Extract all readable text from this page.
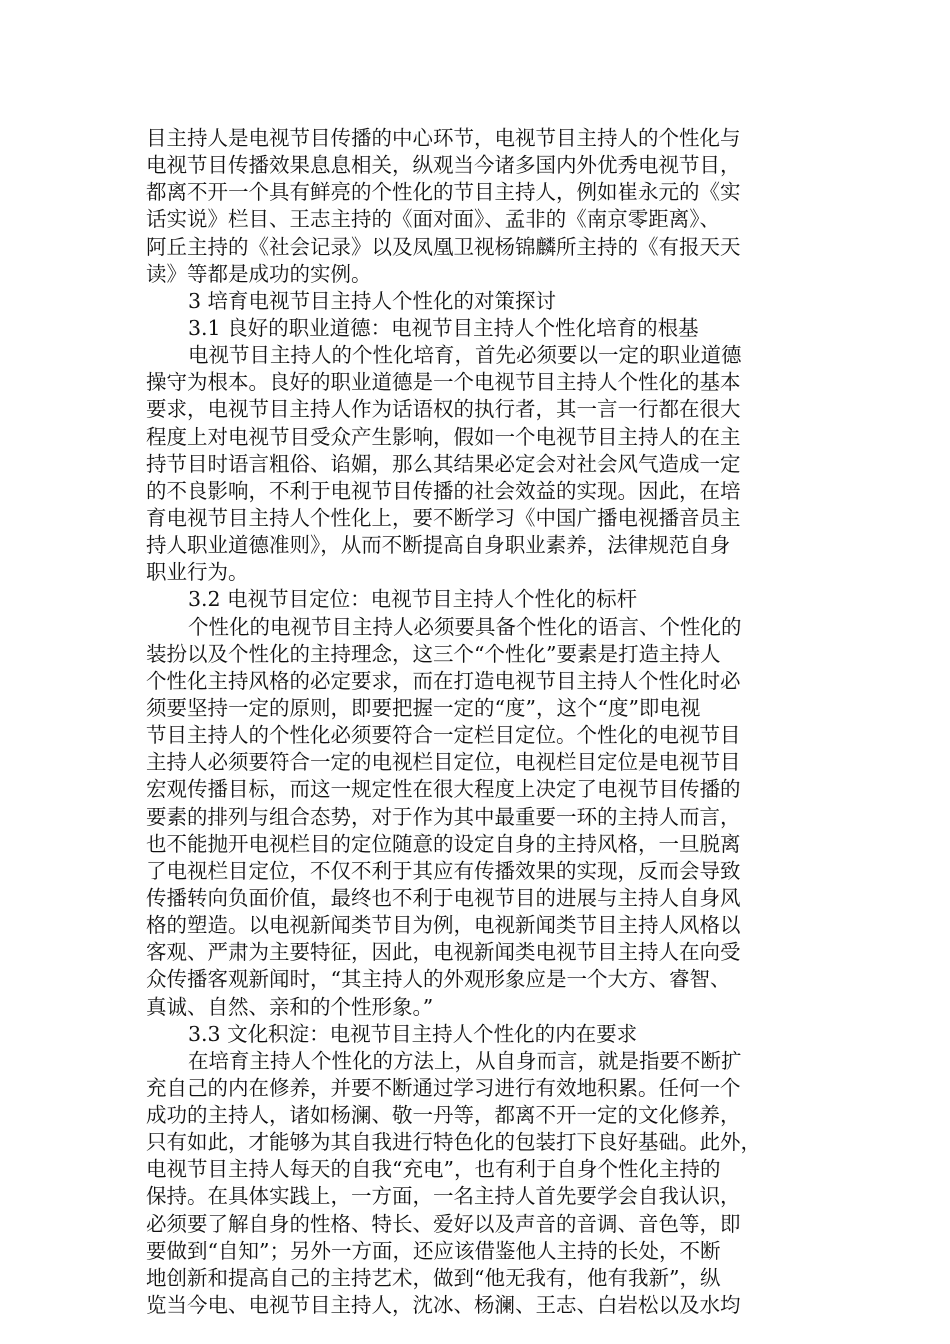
目主持人是电视节目传播的中心环节，电视节目主持人的个性化与
电视节目传播效果息息相关，纵观当今诸多国内外优秀电视节目，
都离不开一个具有鲜亮的个性化的节目主持人，例如崔永元的《实
话实说》栏目、王志主持的《面对面》、孟非的《南京零距离》、
阿丘主持的《社会记录》以及凤凰卫视杨锦麟所主持的《有报天天
读》等都是成功的实例。
3 培育电视节目主持人个性化的对策探讨
3.1 良好的职业道德：电视节目主持人个性化培育的根基
电视节目主持人的个性化培育，首先必须要以一定的职业道德
操守为根本。良好的职业道德是一个电视节目主持人个性化的基本
要求，电视节目主持人作为话语权的执行者，其一言一行都在很大
程度上对电视节目受众产生影响，假如一个电视节目主持人的在主
持节目时语言粗俗、谄媚，那么其结果必定会对社会风气造成一定
的不良影响，不利于电视节目传播的社会效益的实现。因此，在培
育电视节目主持人个性化上，要不断学习《中国广播电视播音员主
持人职业道德准则》，从而不断提高自身职业素养，法律规范自身
职业行为。
3.2 电视节目定位：电视节目主持人个性化的标杆
个性化的电视节目主持人必须要具备个性化的语言、个性化的
装扮以及个性化的主持理念，这三个“个性化”要素是打造主持人
个性化主持风格的必定要求，而在打造电视节目主持人个性化时必
须要坚持一定的原则，即要把握一定的“度”，这个“度”即电视
节目主持人的个性化必须要符合一定栏目定位。个性化的电视节目
主持人必须要符合一定的电视栏目定位，电视栏目定位是电视节目
宏观传播目标，而这一规定性在很大程度上决定了电视节目传播的
要素的排列与组合态势，对于作为其中最重要一环的主持人而言，
也不能抛开电视栏目的定位随意的设定自身的主持风格，一旦脱离
了电视栏目定位，不仅不利于其应有传播效果的实现，反而会导致
传播转向负面价值，最终也不利于电视节目的进展与主持人自身风
格的塑造。以电视新闻类节目为例，电视新闻类节目主持人风格以
客观、严肃为主要特征，因此，电视新闻类电视节目主持人在向受
众传播客观新闻时，“其主持人的外观形象应是一个大方、睿智、
真诚、自然、亲和的个性形象。”
3.3 文化积淀：电视节目主持人个性化的内在要求
在培育主持人个性化的方法上，从自身而言，就是指要不断扩
充自己的内在修养，并要不断通过学习进行有效地积累。任何一个
成功的主持人，诸如杨澜、敬一丹等，都离不开一定的文化修养，
只有如此，才能够为其自我进行特色化的包装打下良好基础。此外，
电视节目主持人每天的自我“充电”，也有利于自身个性化主持的
保持。在具体实践上，一方面，一名主持人首先要学会自我认识，
必须要了解自身的性格、特长、爱好以及声音的音调、音色等，即
要做到“自知”；另外一方面，还应该借鉴他人主持的长处，不断
地创新和提高自己的主持艺术，做到“他无我有，他有我新”，纵
览当今电、电视节目主持人，沈冰、杨澜、王志、白岩松以及水均
